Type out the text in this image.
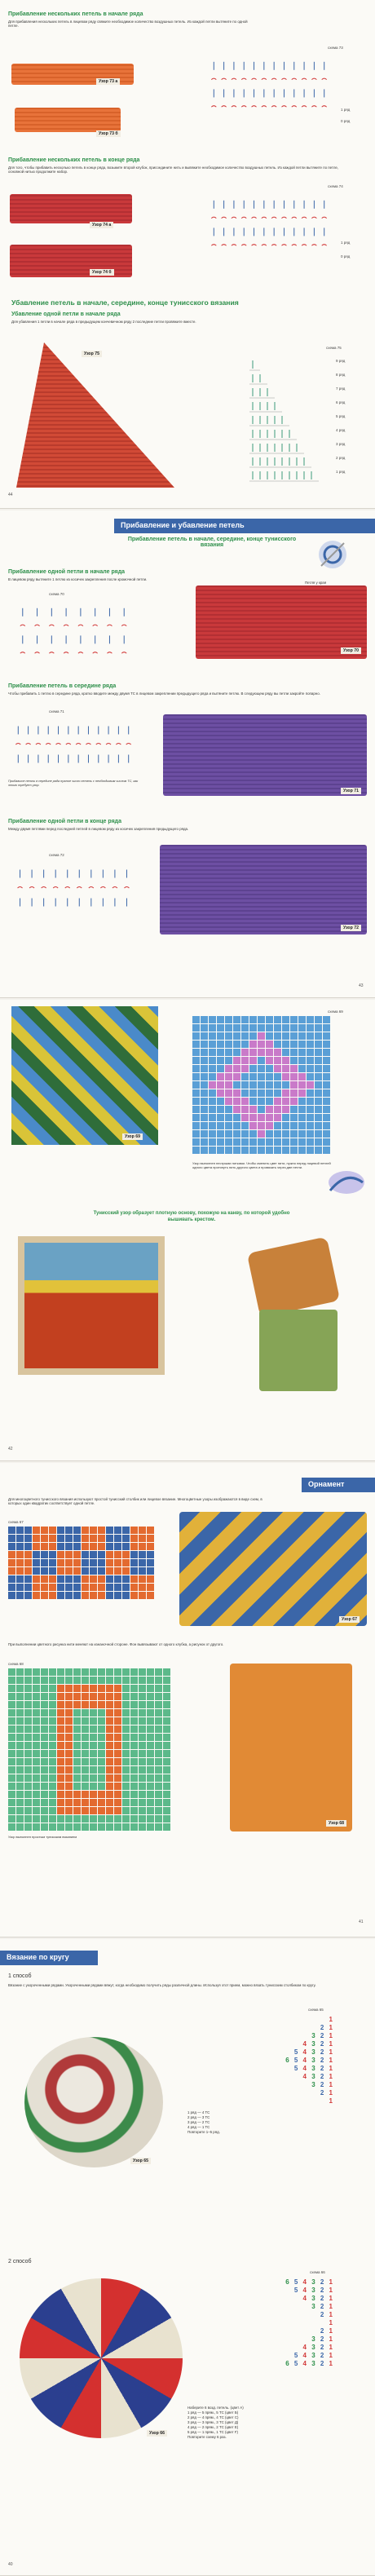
Прибавление нескольких петель в начале ряда
Для прибавления нескольких петель в лицевом ряду свяжите необходимое количество воздушных петель. Из каждой петли вытяните по одной петле.
Узор 73 а
Узор 73 б
схема 73
1 ряд
0 ряд
Прибавление нескольких петель в конце ряда
Для того, чтобы прибавить несколько петель в конце ряда, возьмите второй клубок, присоедините нить и вывяжите необходимое количество воздушных петель. Из каждой петли вытяните по петле, основной нитью продолжите набор.
Узор 74 а
Узор 74 б
схема 74
1 ряд
0 ряд
Убавление петель в начале, середине, конце тунисского вязания
Убавление одной петли в начале ряда
Для убавления 1 петли в начале ряда в предыдущем кончевичном ряду 2 последние петли провяжите вместе.
Узор 75
схема 75
9 ряд
8 ряд
7 ряд
6 ряд
5 ряд
4 ряд
3 ряд
2 ряд
1 ряд
44
Прибавление и убавление петель
Прибавление петель в начале, середине, конце тунисского вязания
Прибавление одной петли в начале ряда
В лицевом ряду вытяните 1 петлю из косичек закрепления после кромочной петли.
Петля у края
схема 70
Узор 70
Прибавление петель в середине ряда
Чтобы прибавить 1 петлю в середине ряда, кратко вводите между двумя ТС в лицевом закреплении предыдущего ряда и вытяните петлю. В следующем ряду вы петли закройте попарно.
схема 71
Прибавьте петли в середине ряда нужное число петель с необходимым числом ТС, как этого требует узор.
Узор 71
Прибавление одной петли в конце ряда
Между двумя петлями перед последней петлей в лицевом ряду из косичек закрепления предыдущего ряда.
схема 72
Узор 72
43
Узор 69
схема 69
Узор выполнен пестрыми нитками. Чтобы сменить цвет нити, нужно перед лицевой петлей одного цвета протянуть нить другого цвета и провязать через две петли.
Тунисский узор образует плотную основу, похожую на канву, по которой удобно вышивать крестом.
42
Орнамент
Для многоцветного тунисского вязания используют простой тунисский столбик или лицевое вязание. Многоцветные узоры изображаются в виде схем, в которых один квадратик соответствует одной петле.
схема 67
Узор 67
При выполнении цветного рисунка нити меняют на изнаночной стороне. Фон вывязывают от одного клубка, а рисунок от другого.
схема 68
Узор выполнен простым тунисским вязанием
Узор 68
41
Вязание по кругу
1 способ
Вязание с укороченными рядами. Укороченными рядами вяжут, когда необходимо получить ряды различной длины. Используя этот прием, можно вязать тунисским столбиком по кругу.
схема 65
1
2 1
3 2 1
4 3 2 1
5 4 3 2 1
6 5 4 3 2 1
5 4 3 2 1
4 3 2 1
3 2 1
2 1
1
Узор 65
1 ряд — 4 ТС
2 ряд — 3 ТС
3 ряд — 2 ТС
4 ряд — 1 ТС
Повторите 1–5 ряд.
2 способ
схема 66
6 5 4 3 2 1
5 4 3 2 1
4 3 2 1
3 2 1
2 1
1
2 1
3 2 1
4 3 2 1
5 4 3 2 1
6 5 4 3 2 1
Узор 66
Наберите 6 возд. петель. (цвет А)
1 ряд — 5 прям., 5 ТС (цвет Б)
2 ряд — 4 прям., 4 ТС (цвет С)
3 ряд — 3 прям., 3 ТС (цвет Д)
4 ряд — 2 прям., 2 ТС (цвет Е)
5 ряд — 1 прям., 1 ТС (цвет F)
Повторите схему 6 раз.
40
